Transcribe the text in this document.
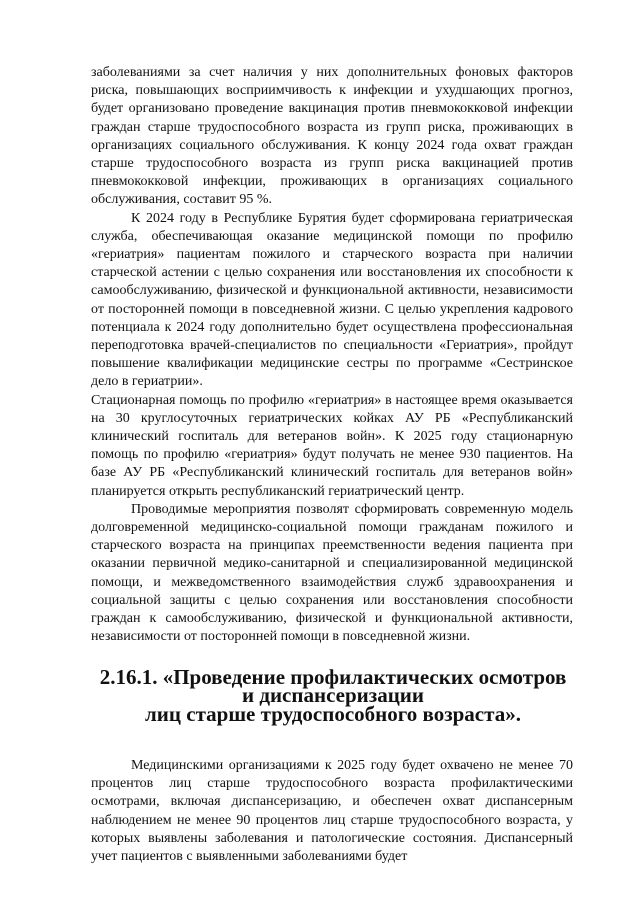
заболеваниями за счет наличия у них дополнительных фоновых факторов риска, повышающих восприимчивость к инфекции и ухудшающих прогноз, будет организовано проведение вакцинация против пневмококковой инфекции граждан старше трудоспособного возраста из групп риска, проживающих в организациях социального обслуживания. К концу 2024 года охват граждан старше трудоспособного возраста из групп риска вакцинацией против пневмококковой инфекции, проживающих в организациях социального обслуживания, составит 95 %.

К 2024 году в Республике Бурятия будет сформирована гериатрическая служба, обеспечивающая оказание медицинской помощи по профилю «гериатрия» пациентам пожилого и старческого возраста при наличии старческой астении с целью сохранения или восстановления их способности к самообслуживанию, физической и функциональной активности, независимости от посторонней помощи в повседневной жизни. С целью укрепления кадрового потенциала к 2024 году дополнительно будет осуществлена профессиональная переподготовка врачей-специалистов по специальности «Гериатрия», пройдут повышение квалификации медицинские сестры по программе «Сестринское дело в гериатрии».

Стационарная помощь по профилю «гериатрия» в настоящее время оказывается на 30 круглосуточных гериатрических койках АУ РБ «Республиканский клинический госпиталь для ветеранов войн». К 2025 году стационарную помощь по профилю «гериатрия» будут получать не менее 930 пациентов. На базе АУ РБ «Республиканский клинический госпиталь для ветеранов войн» планируется открыть республиканский гериатрический центр.

Проводимые мероприятия позволят сформировать современную модель долговременной медицинско-социальной помощи гражданам пожилого и старческого возраста на принципах преемственности ведения пациента при оказании первичной медико-санитарной и специализированной медицинской помощи, и межведомственного взаимодействия служб здравоохранения и социальной защиты с целью сохранения или восстановления способности граждан к самообслуживанию, физической и функциональной активности, независимости от посторонней помощи в повседневной жизни.

2.16.1. «Проведение профилактических осмотров и диспансеризации
лиц старше трудоспособного возраста».

Медицинскими организациями к 2025 году будет охвачено не менее 70 процентов лиц старше трудоспособного возраста профилактическими осмотрами, включая диспансеризацию, и обеспечен охват диспансерным наблюдением не менее 90 процентов лиц старше трудоспособного возраста, у которых выявлены заболевания и патологические состояния. Диспансерный учет пациентов с выявленными заболеваниями будет
